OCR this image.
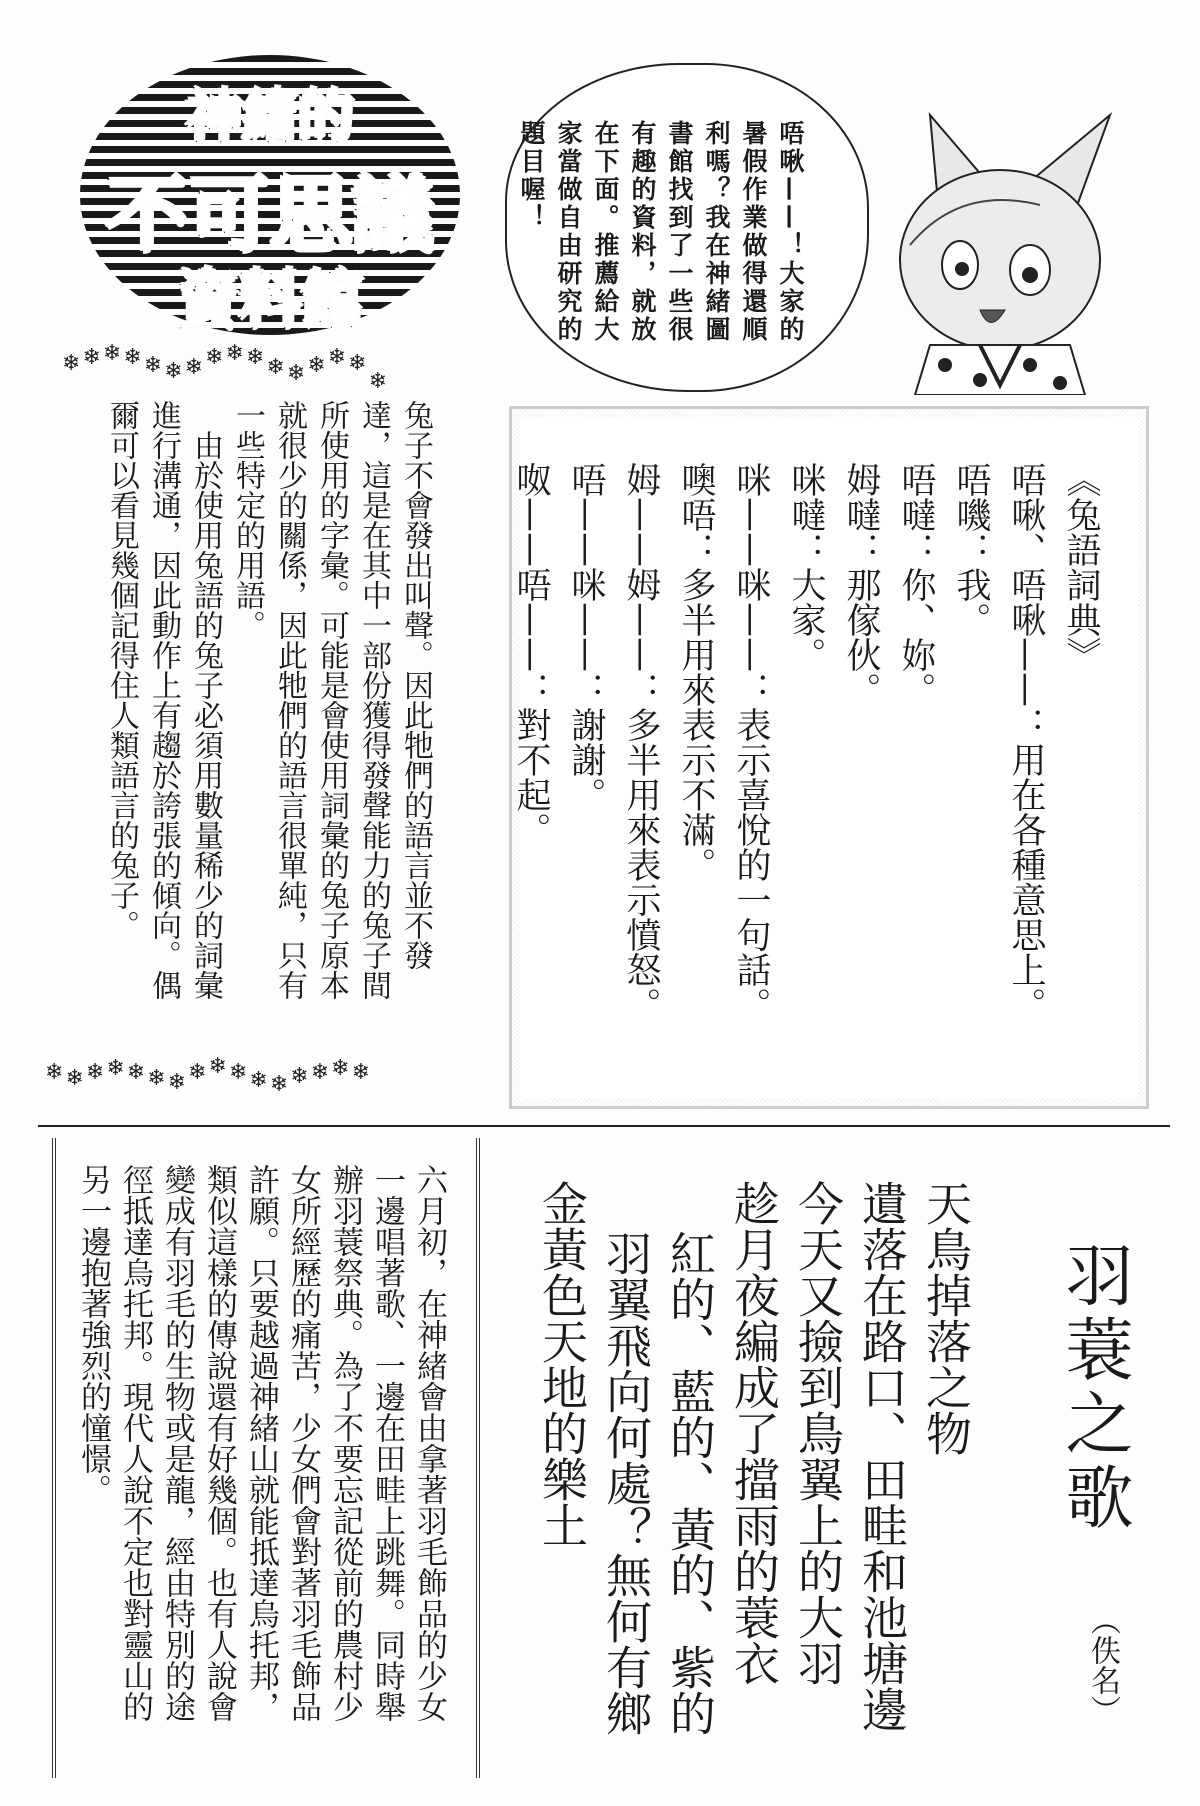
神緒的
不可思議
資料館
❄❄❄❄❄❄❄❄❄❄❄❄❄❄❄❄
唔啾——！大家的
暑假作業做得還順
利嗎？我在神緒圖
書館找到了一些很
有趣的資料，就放
在下面。推薦給大
家當做自由研究的
題目喔！
兔子不會發出叫聲。因此牠們的語言並不發
達，這是在其中一部份獲得發聲能力的兔子間
所使用的字彙。可能是會使用詞彙的兔子原本
就很少的關係，因此牠們的語言很單純，只有
一些特定的用語。
　由於使用兔語的兔子必須用數量稀少的詞彙
進行溝通，因此動作上有趨於誇張的傾向。偶
爾可以看見幾個記得住人類語言的兔子。
❄❄❄❄❄❄❄❄❄❄❄❄❄❄❄❄
《兔語詞典》
唔啾、唔啾——：用在各種意思上。
唔嘰：我。
唔噠：你、妳。
姆噠：那傢伙。
咪噠：大家。
咪——咪——：表示喜悅的一句話。
噢唔：多半用來表示不滿。
姆——姆——：多半用來表示憤怒。
唔——咪——：謝謝。
呶——唔——：對不起。
六月初，在神緒會由拿著羽毛飾品的少女
一邊唱著歌、一邊在田畦上跳舞。同時舉
辦羽蓑祭典。為了不要忘記從前的農村少
女所經歷的痛苦，少女們會對著羽毛飾品
許願。只要越過神緒山就能抵達烏托邦，
類似這樣的傳說還有好幾個。也有人說會
變成有羽毛的生物或是龍，經由特別的途
徑抵達烏托邦。現代人說不定也對靈山的
另一邊抱著強烈的憧憬。	羽蓑之歌
（佚名）
天鳥掉落之物
遺落在路口、田畦和池塘邊
今天又撿到鳥翼上的大羽
趁月夜編成了擋雨的蓑衣
紅的、藍的、黃的、紫的
羽翼飛向何處？無何有鄉
金黃色天地的樂土
